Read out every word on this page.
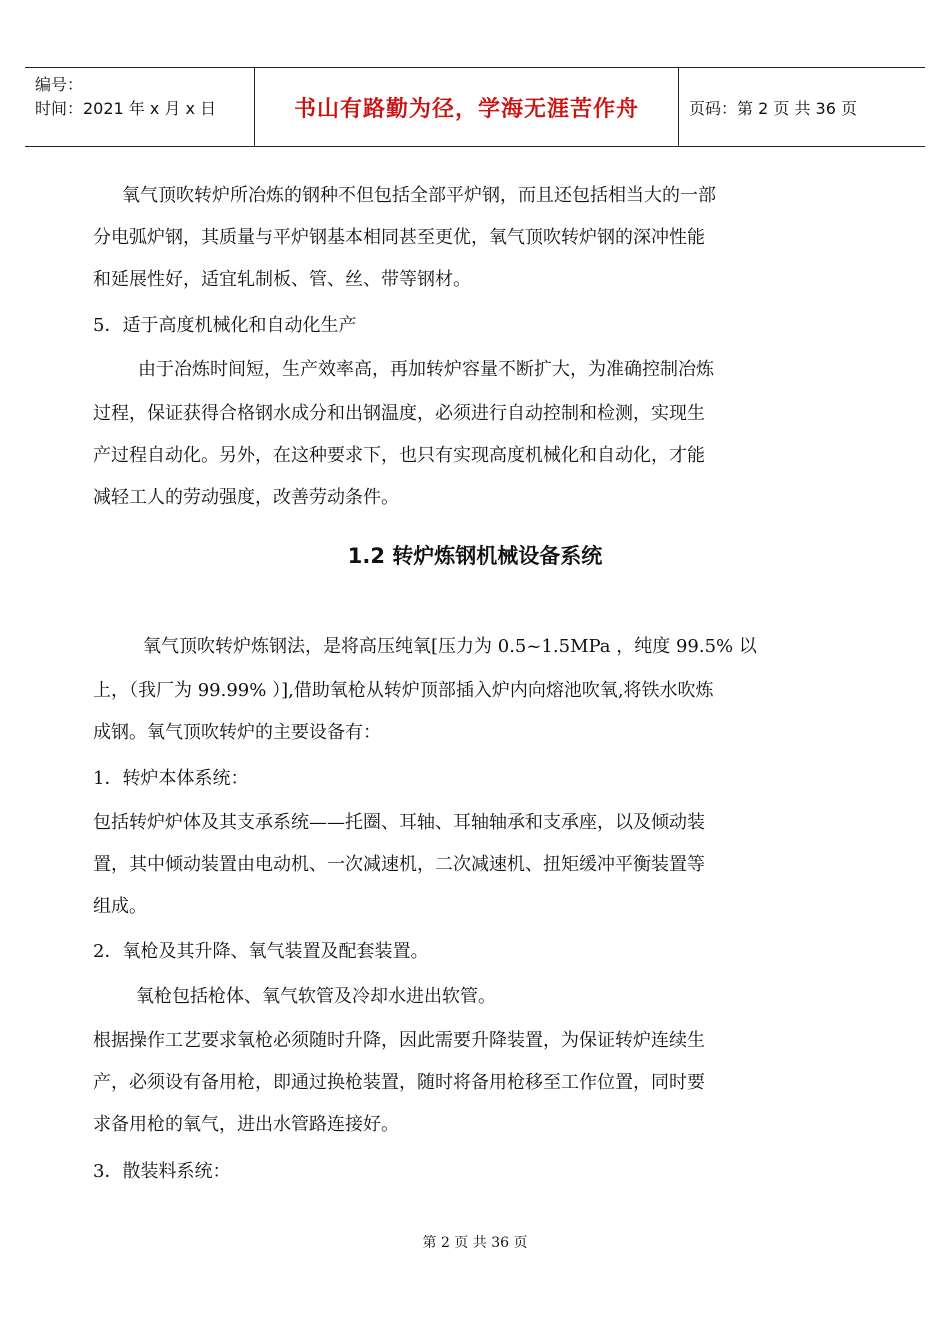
编号：
时间：2021 年 x 月 x 日	书山有路勤为径，学海无涯苦作舟	页码：第 2 页 共 36 页
氧气顶吹转炉所冶炼的钢种不但包括全部平炉钢，而且还包括相当大的一部
分电弧炉钢，其质量与平炉钢基本相同甚至更优，氧气顶吹转炉钢的深冲性能
和延展性好，适宜轧制板、管、丝、带等钢材。
5．适于高度机械化和自动化生产
由于冶炼时间短，生产效率高，再加转炉容量不断扩大，为准确控制冶炼
过程，保证获得合格钢水成分和出钢温度，必须进行自动控制和检测，实现生
产过程自动化。另外，在这种要求下，也只有实现高度机械化和自动化，才能
减轻工人的劳动强度，改善劳动条件。
1.2 转炉炼钢机械设备系统
氧气顶吹转炉炼钢法，是将高压纯氧[压力为 0.5~1.5MPa ，纯度 99.5% 以
上，（我厂为 99.99% ）],借助氧枪从转炉顶部插入炉内向熔池吹氧,将铁水吹炼
成钢。氧气顶吹转炉的主要设备有：
1．转炉本体系统：
包括转炉炉体及其支承系统——托圈、耳轴、耳轴轴承和支承座，以及倾动装
置，其中倾动装置由电动机、一次减速机，二次减速机、扭矩缓冲平衡装置等
组成。
2．氧枪及其升降、氧气装置及配套装置。
氧枪包括枪体、氧气软管及冷却水进出软管。
根据操作工艺要求氧枪必须随时升降，因此需要升降装置，为保证转炉连续生
产，必须设有备用枪，即通过换枪装置，随时将备用枪移至工作位置，同时要
求备用枪的氧气，进出水管路连接好。
3．散装料系统：
第 2 页 共 36 页
